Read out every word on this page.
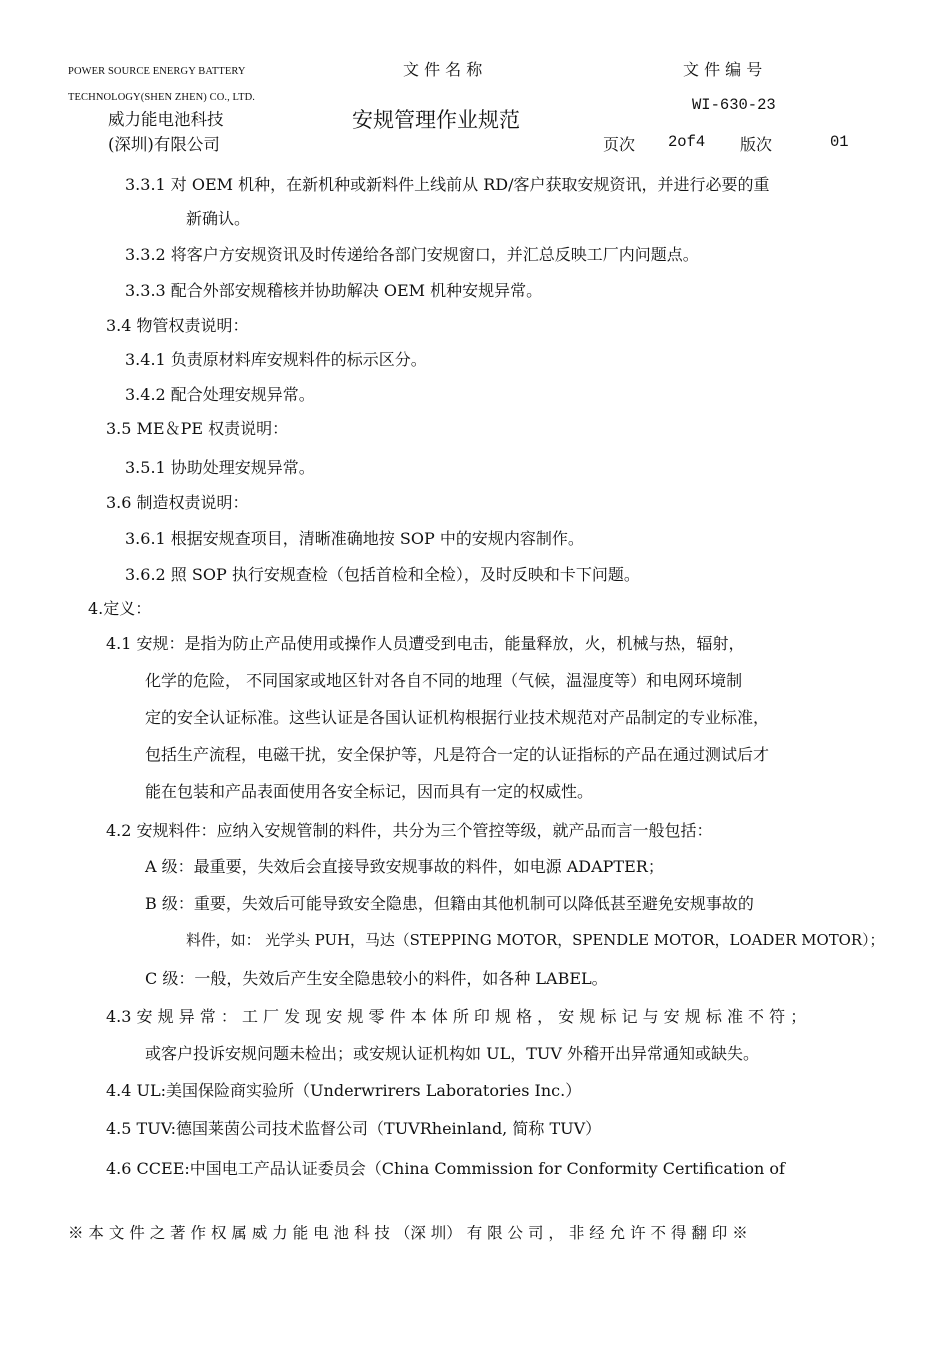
POWER SOURCE ENERGY BATTERY
TECHNOLOGY(SHEN ZHEN) CO., LTD.
威力能电池科技
(深圳)有限公司
文 件 名 称
安规管理作业规范
文 件 编 号
WI-630-23
页次 2of4 版次	01
3.3.1 对 OEM 机种，在新机种或新料件上线前从 RD/客户获取安规资讯，并进行必要的重
新确认。
3.3.2 将客户方安规资讯及时传递给各部门安规窗口，并汇总反映工厂内问题点。
3.3.3 配合外部安规稽核并协助解决 OEM 机种安规异常。
3.4 物管权责说明：
3.4.1 负责原材料库安规料件的标示区分。
3.4.2 配合处理安规异常。
3.5 ME＆PE 权责说明：
3.5.1 协助处理安规异常。
3.6 制造权责说明：
3.6.1 根据安规查项目，清晰准确地按 SOP 中的安规内容制作。
3.6.2 照 SOP 执行安规查检（包括首检和全检），及时反映和卡下问题。
4.定义：
4.1 安规：是指为防止产品使用或操作人员遭受到电击，能量释放，火，机械与热，辐射，
化学的危险， 不同国家或地区针对各自不同的地理（气候，温湿度等）和电网环境制
定的安全认证标准。这些认证是各国认证机构根据行业技术规范对产品制定的专业标准，
包括生产流程，电磁干扰，安全保护等，凡是符合一定的认证指标的产品在通过测试后才
能在包装和产品表面使用各安全标记，因而具有一定的权威性。
4.2 安规料件：应纳入安规管制的料件，共分为三个管控等级，就产品而言一般包括：
A 级：最重要，失效后会直接导致安规事故的料件，如电源 ADAPTER；
B 级：重要，失效后可能导致安全隐患，但籍由其他机制可以降低甚至避免安规事故的
料件，如： 光学头 PUH，马达（STEPPING MOTOR，SPENDLE MOTOR，LOADER MOTOR）；
C 级：一般，失效后产生安全隐患较小的料件，如各种 LABEL。
4.3 安 规 异 常 ： 工 厂 发 现 安 规 零 件 本 体 所 印 规 格 ， 安 规 标 记 与 安 规 标 准 不 符 ；
或客户投诉安规问题未检出；或安规认证机构如 UL，TUV 外稽开出异常通知或缺失。
4.4 UL:美国保险商实验所（Underwrirers Laboratories Inc.）
4.5 TUV:德国莱茵公司技术监督公司（TUVRheinland, 简称 TUV）
4.6 CCEE:中国电工产品认证委员会（China Commission for Conformity Certification of
※ 本 文 件 之 著 作 权 属 威 力 能 电 池 科 技 （深 圳） 有 限 公 司 ， 非 经 允 许 不 得 翻 印 ※
